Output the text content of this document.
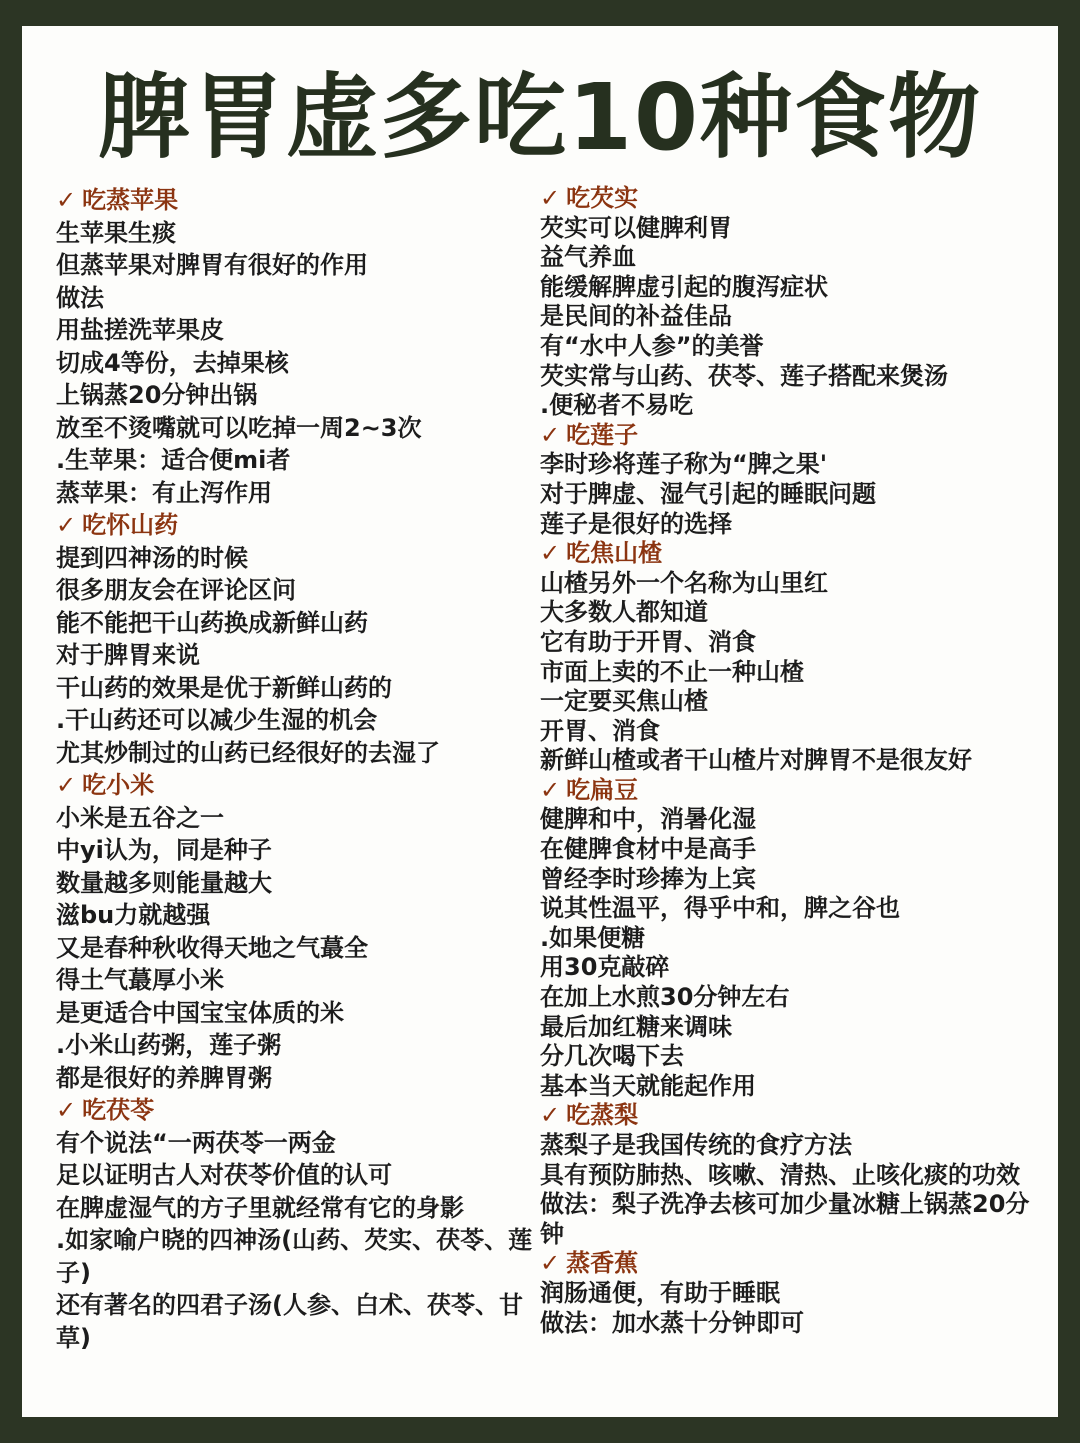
脾胃虚多吃10种食物
✓ 吃蒸苹果
生苹果生痰
但蒸苹果对脾胃有很好的作用
做法
用盐搓洗苹果皮
切成4等份，去掉果核
上锅蒸20分钟出锅
放至不烫嘴就可以吃掉一周2~3次
.生苹果：适合便mi者
蒸苹果：有止泻作用
✓ 吃怀山药
提到四神汤的时候
很多朋友会在评论区问
能不能把干山药换成新鲜山药
对于脾胃来说
干山药的效果是优于新鲜山药的
.干山药还可以减少生湿的机会
尤其炒制过的山药已经很好的去湿了
✓ 吃小米
小米是五谷之一
中yi认为，同是种子
数量越多则能量越大
滋bu力就越强
又是春种秋收得天地之气蕞全
得土气蕞厚小米
是更适合中国宝宝体质的米
.小米山药粥，莲子粥
都是很好的养脾胃粥
✓ 吃茯苓
有个说法“一两茯苓一两金
足以证明古人对茯苓价值的认可
在脾虚湿气的方子里就经常有它的身影
.如家喻户晓的四神汤(山药、芡实、茯苓、莲子)
还有著名的四君子汤(人参、白术、茯苓、甘草)
✓ 吃芡实
芡实可以健脾利胃
益气养血
能缓解脾虚引起的腹泻症状
是民间的补益佳品
有“水中人参”的美誉
芡实常与山药、茯苓、莲子搭配来煲汤
.便秘者不易吃
✓ 吃莲子
李时珍将莲子称为“脾之果'
对于脾虚、湿气引起的睡眠问题
莲子是很好的选择
✓ 吃焦山楂
山楂另外一个名称为山里红
大多数人都知道
它有助于开胃、消食
市面上卖的不止一种山楂
一定要买焦山楂
开胃、消食
新鲜山楂或者干山楂片对脾胃不是很友好
✓ 吃扁豆
健脾和中，消暑化湿
在健脾食材中是高手
曾经李时珍捧为上宾
说其性温平，得乎中和，脾之谷也
.如果便糖
用30克敲碎
在加上水煎30分钟左右
最后加红糖来调味
分几次喝下去
基本当天就能起作用
✓ 吃蒸梨
蒸梨子是我国传统的食疗方法
具有预防肺热、咳嗽、清热、止咳化痰的功效
做法：梨子洗净去核可加少量冰糖上锅蒸20分钟
✓ 蒸香蕉
润肠通便，有助于睡眠
做法：加水蒸十分钟即可
